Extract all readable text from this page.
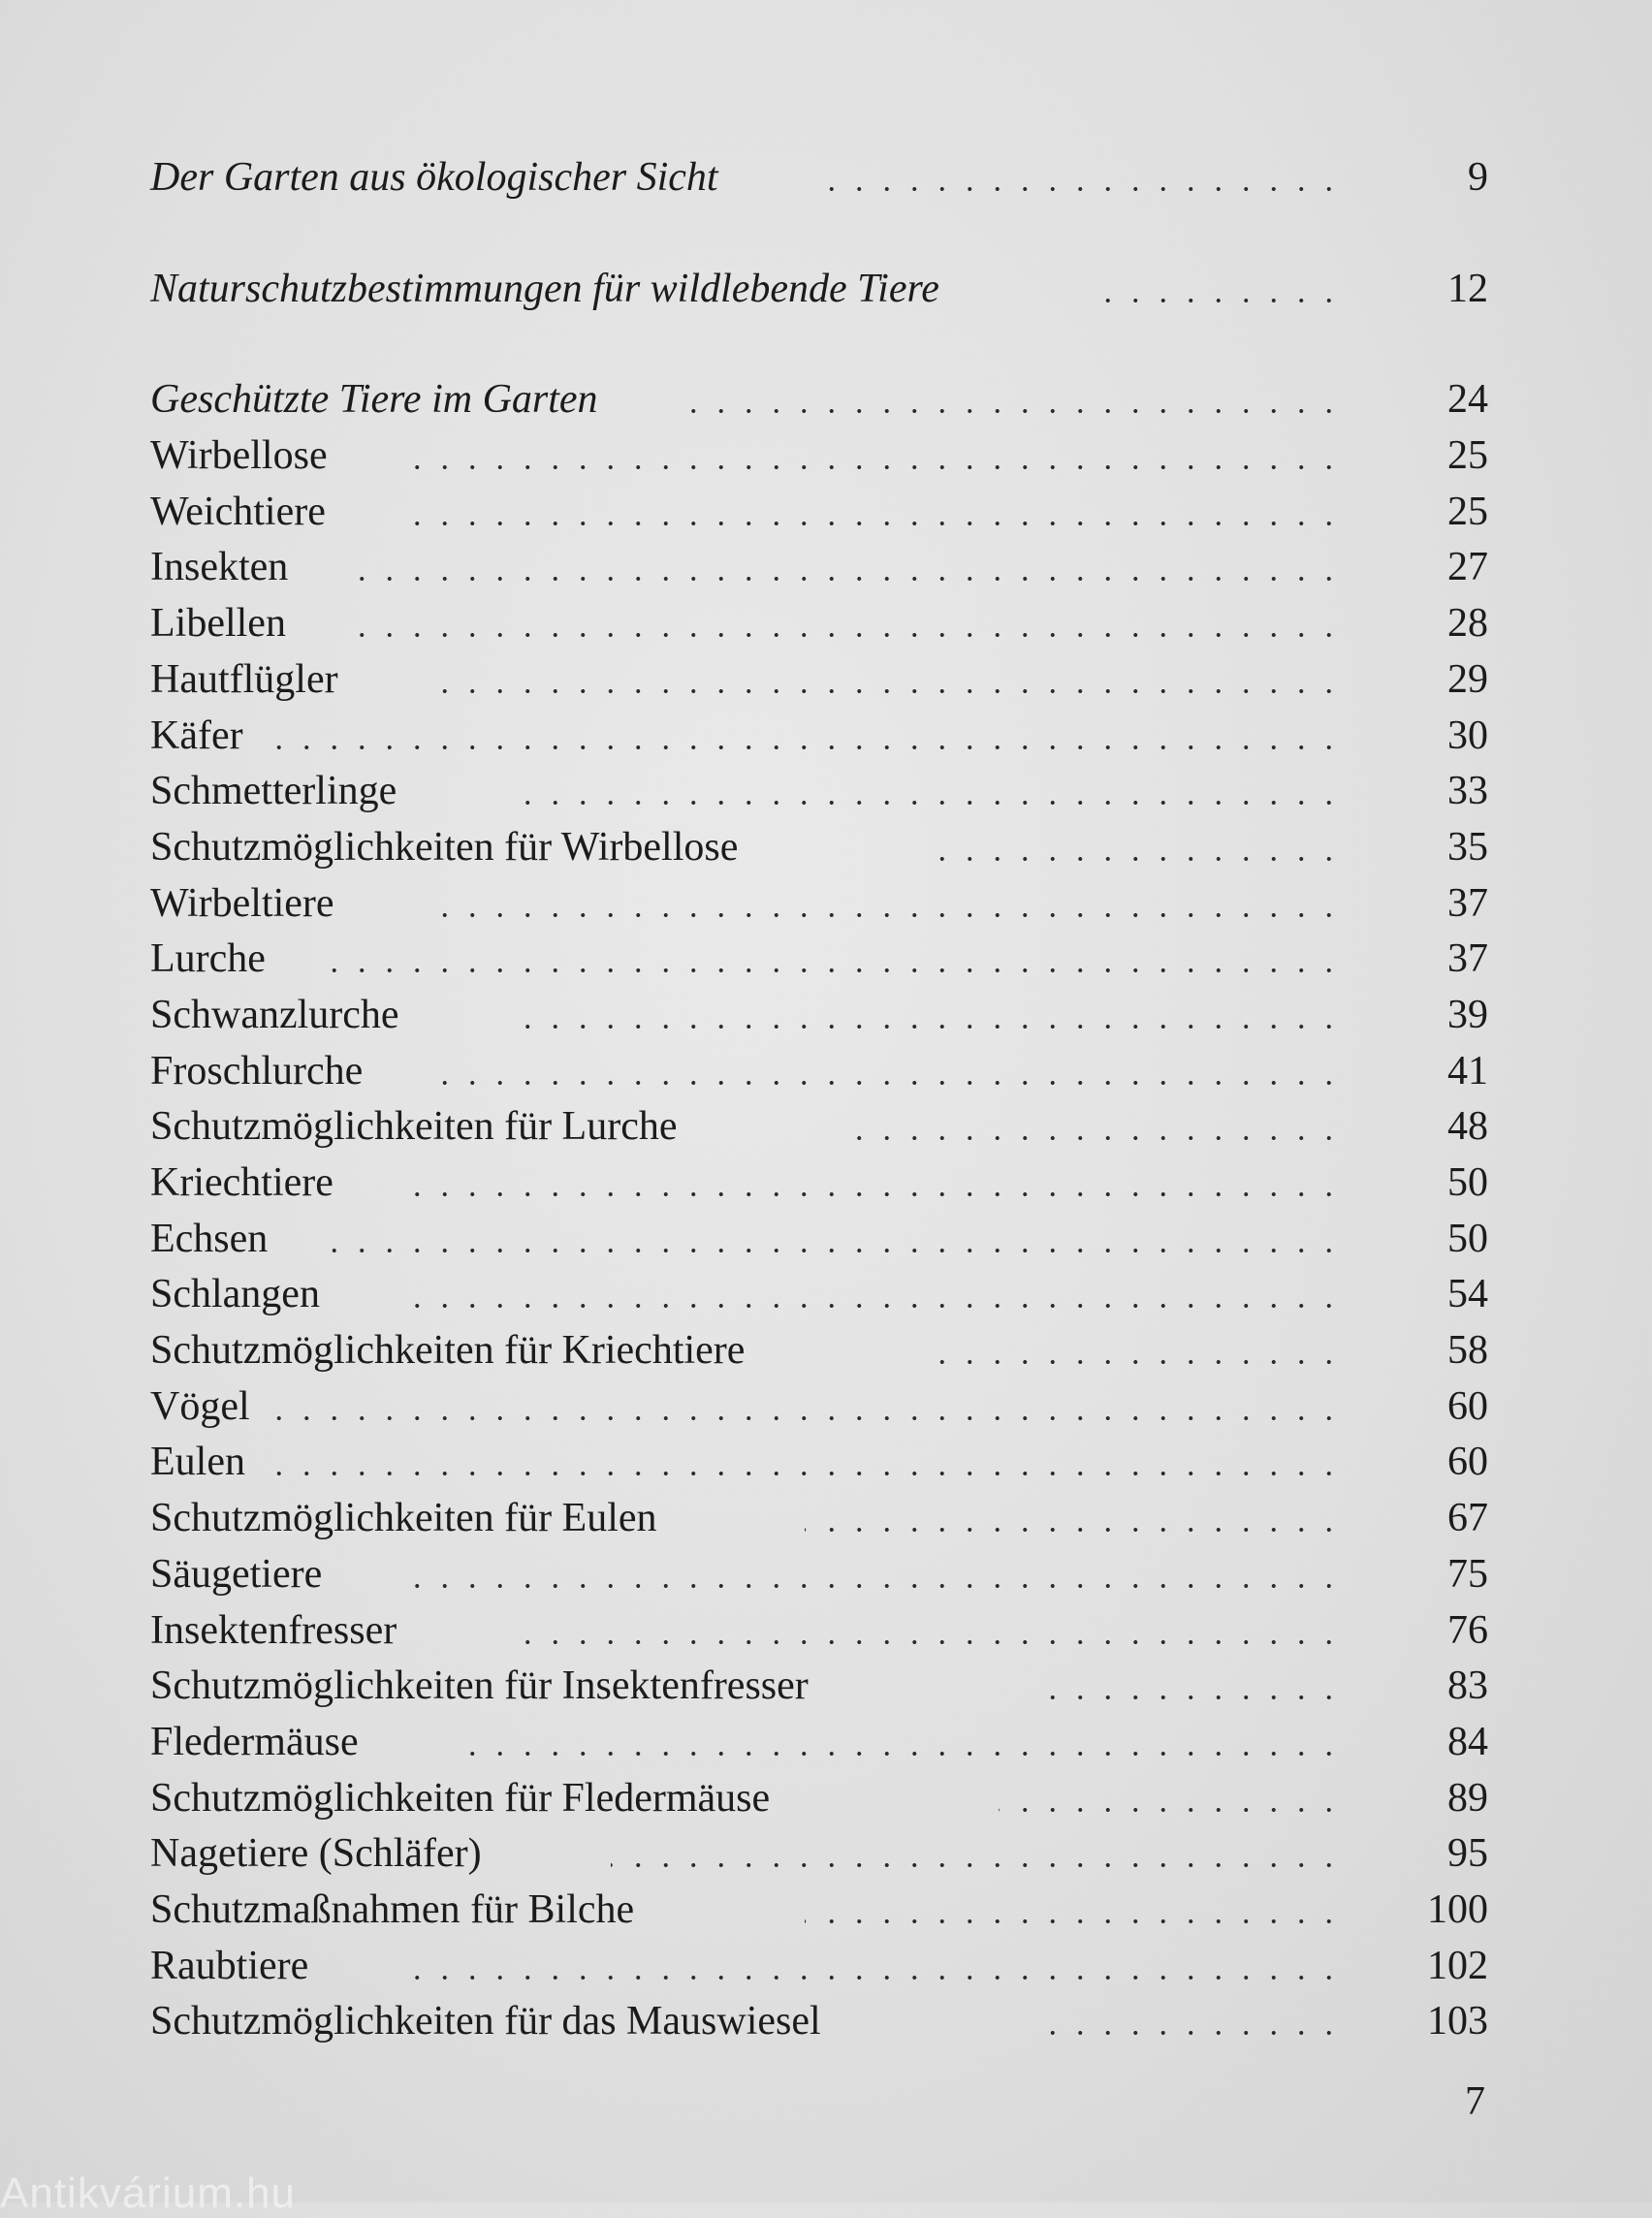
Der Garten aus ökologischer Sicht	9
Naturschutzbestimmungen für wildlebende Tiere	12
Geschützte Tiere im Garten	24
Wirbellose	25
Weichtiere	25
Insekten	27
Libellen	28
Hautflügler	29
Käfer	30
Schmetterlinge	33
Schutzmöglichkeiten für Wirbellose	35
Wirbeltiere	37
Lurche	37
Schwanzlurche	39
Froschlurche	41
Schutzmöglichkeiten für Lurche	48
Kriechtiere	50
Echsen	50
Schlangen	54
Schutzmöglichkeiten für Kriechtiere	58
Vögel	60
Eulen	60
Schutzmöglichkeiten für Eulen	67
Säugetiere	75
Insektenfresser	76
Schutzmöglichkeiten für Insektenfresser	83
Fledermäuse	84
Schutzmöglichkeiten für Fledermäuse	89
Nagetiere (Schläfer)	95
Schutzmaßnahmen für Bilche	100
Raubtiere	102
Schutzmöglichkeiten für das Mauswiesel	103
7
Antikvárium.hu
